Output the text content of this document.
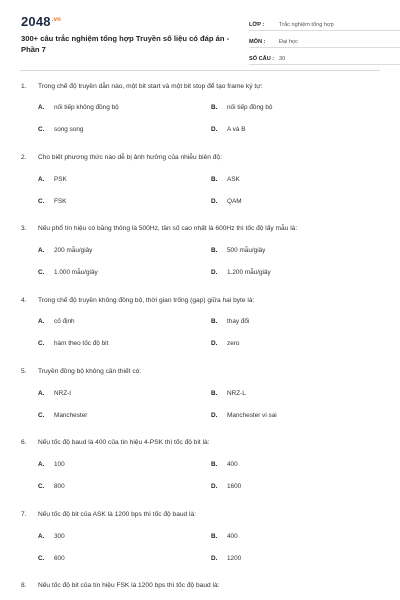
$2048^{.vn}$
300+ câu trắc nghiệm tổng hợp Truyền số liệu có đáp án - Phần 7
LỚP :	Trắc nghiệm tổng hợp
MÔN :	Đại học
SỐ CÂU : 30
1.	Trong chế độ truyền dẫn nào, một bit start và một bit stop để tạo frame ký tự:
A.	nối tiếp không đồng bộ	B.	nối tiếp đồng bộ
C.	song song	D.	A và B
2.	Cho biết phương thức nào dễ bị ảnh hưởng của nhiễu biên độ:
A.	PSK	B.	ASK
C.	FSK	D.	QAM
3.	Nếu phổ tín hiệu có băng thông là 500Hz, tần số cao nhất là 600Hz thì tốc độ lấy mẫu là:
A.	200 mẫu/giây	B.	500 mẫu/giây
C.	1.000 mẫu/giây	D.	1.200 mẫu/giây
4.	Trong chế độ truyền không đồng bộ, thời gian trống (gap) giữa hai byte là:
A.	cố định	B.	thay đổi
C.	hàm theo tốc độ bit	D.	zero
5.	Truyền đồng bộ không cần thiết có:
A.	NRZ-I	B.	NRZ-L
C.	Manchester	D.	Manchester vi sai
6.	Nếu tốc độ baud là 400 của tín hiệu 4-PSK thì tốc độ bit là:
A.	100	B.	400
C.	800	D.	1600
7.	Nếu tốc độ bit của ASK là 1200 bps thì tốc độ baud là:
A.	300	B.	400
C.	600	D.	1200
8.	Nếu tốc độ bit của tín hiệu FSK là 1200 bps thì tốc độ baud là:
